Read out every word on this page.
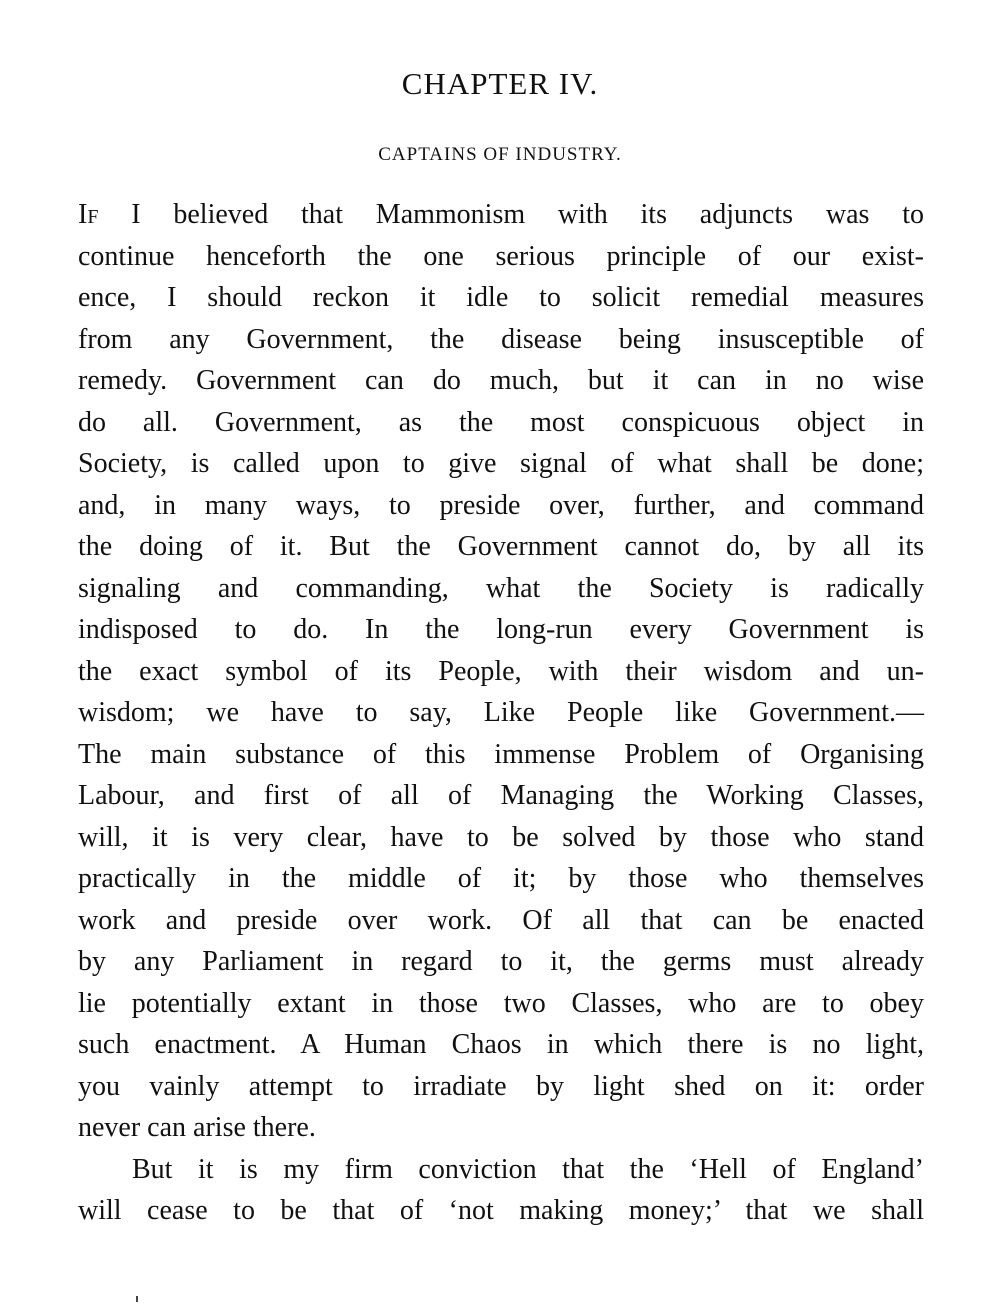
CHAPTER IV.
CAPTAINS OF INDUSTRY.
If I believed that Mammonism with its adjuncts was to
continue henceforth the one serious principle of our exist-
ence, I should reckon it idle to solicit remedial measures
from any Government, the disease being insusceptible of
remedy. Government can do much, but it can in no wise
do all. Government, as the most conspicuous object in
Society, is called upon to give signal of what shall be done;
and, in many ways, to preside over, further, and command
the doing of it. But the Government cannot do, by all its
signaling and commanding, what the Society is radically
indisposed to do. In the long-run every Government is
the exact symbol of its People, with their wisdom and un-
wisdom; we have to say, Like People like Government.—
The main substance of this immense Problem of Organising
Labour, and first of all of Managing the Working Classes,
will, it is very clear, have to be solved by those who stand
practically in the middle of it; by those who themselves
work and preside over work. Of all that can be enacted
by any Parliament in regard to it, the germs must already
lie potentially extant in those two Classes, who are to obey
such enactment. A Human Chaos in which there is no light,
you vainly attempt to irradiate by light shed on it: order
never can arise there.
But it is my firm conviction that the ‘Hell of England’
will cease to be that of ‘not making money;’ that we shall
